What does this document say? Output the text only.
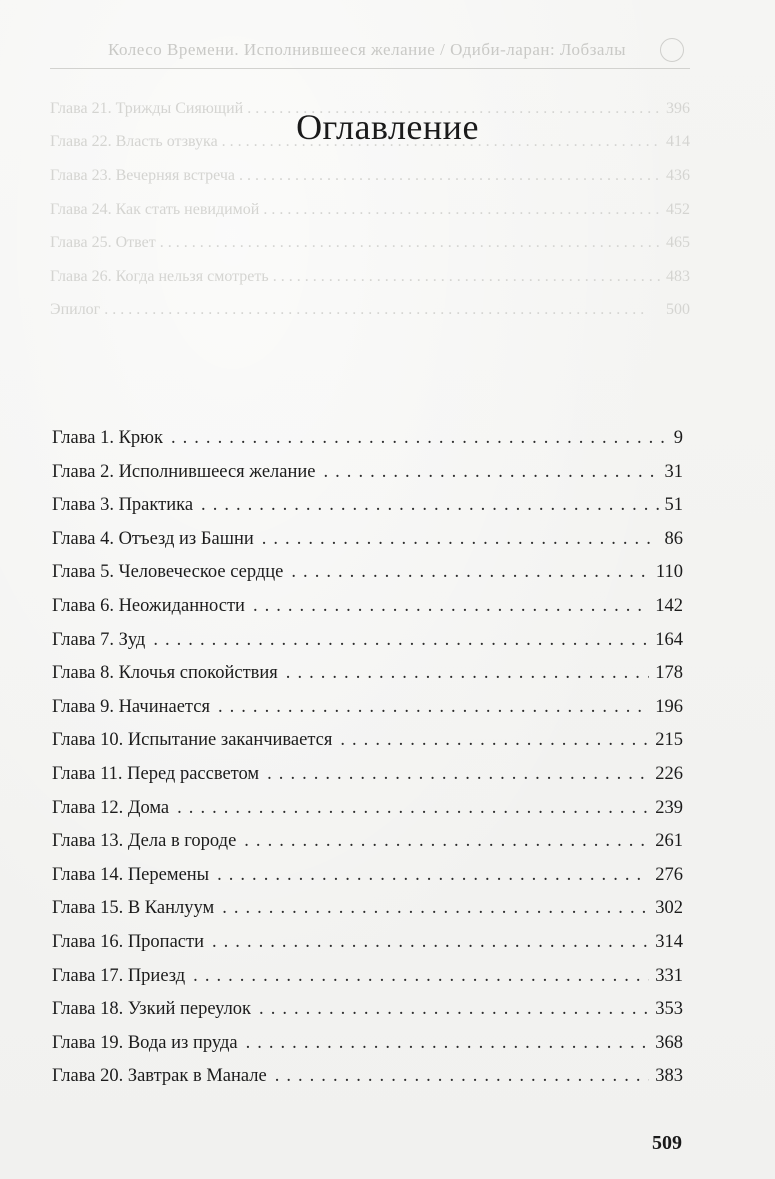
Колесо Времени. Исполнившееся желание / Одиби-ларан: Лобзалы
Глава 21. Трижды Сияющий . . .	396
Глава 22. Власть отзвука . . .	414
Глава 23. Вечерняя встреча . . .	436
Глава 24. Как стать невидимой . . .	452
Глава 25. Ответ . . .	465
Глава 26. Когда нельзя смотреть . . .	483
Эпилог . . .	500
Оглавление
Глава 1. Крюк . . .	9
Глава 2. Исполнившееся желание . . .	31
Глава 3. Практика . . .	51
Глава 4. Отъезд из Башни . . .	86
Глава 5. Человеческое сердце . . .	110
Глава 6. Неожиданности . . .	142
Глава 7. Зуд . . .	164
Глава 8. Клочья спокойствия . . .	178
Глава 9. Начинается . . .	196
Глава 10. Испытание заканчивается . . .	215
Глава 11. Перед рассветом . . .	226
Глава 12. Дома . . .	239
Глава 13. Дела в городе . . .	261
Глава 14. Перемены . . .	276
Глава 15. В Канлуум . . .	302
Глава 16. Пропасти . . .	314
Глава 17. Приезд . . .	331
Глава 18. Узкий переулок . . .	353
Глава 19. Вода из пруда . . .	368
Глава 20. Завтрак в Манале . . .	383
509
